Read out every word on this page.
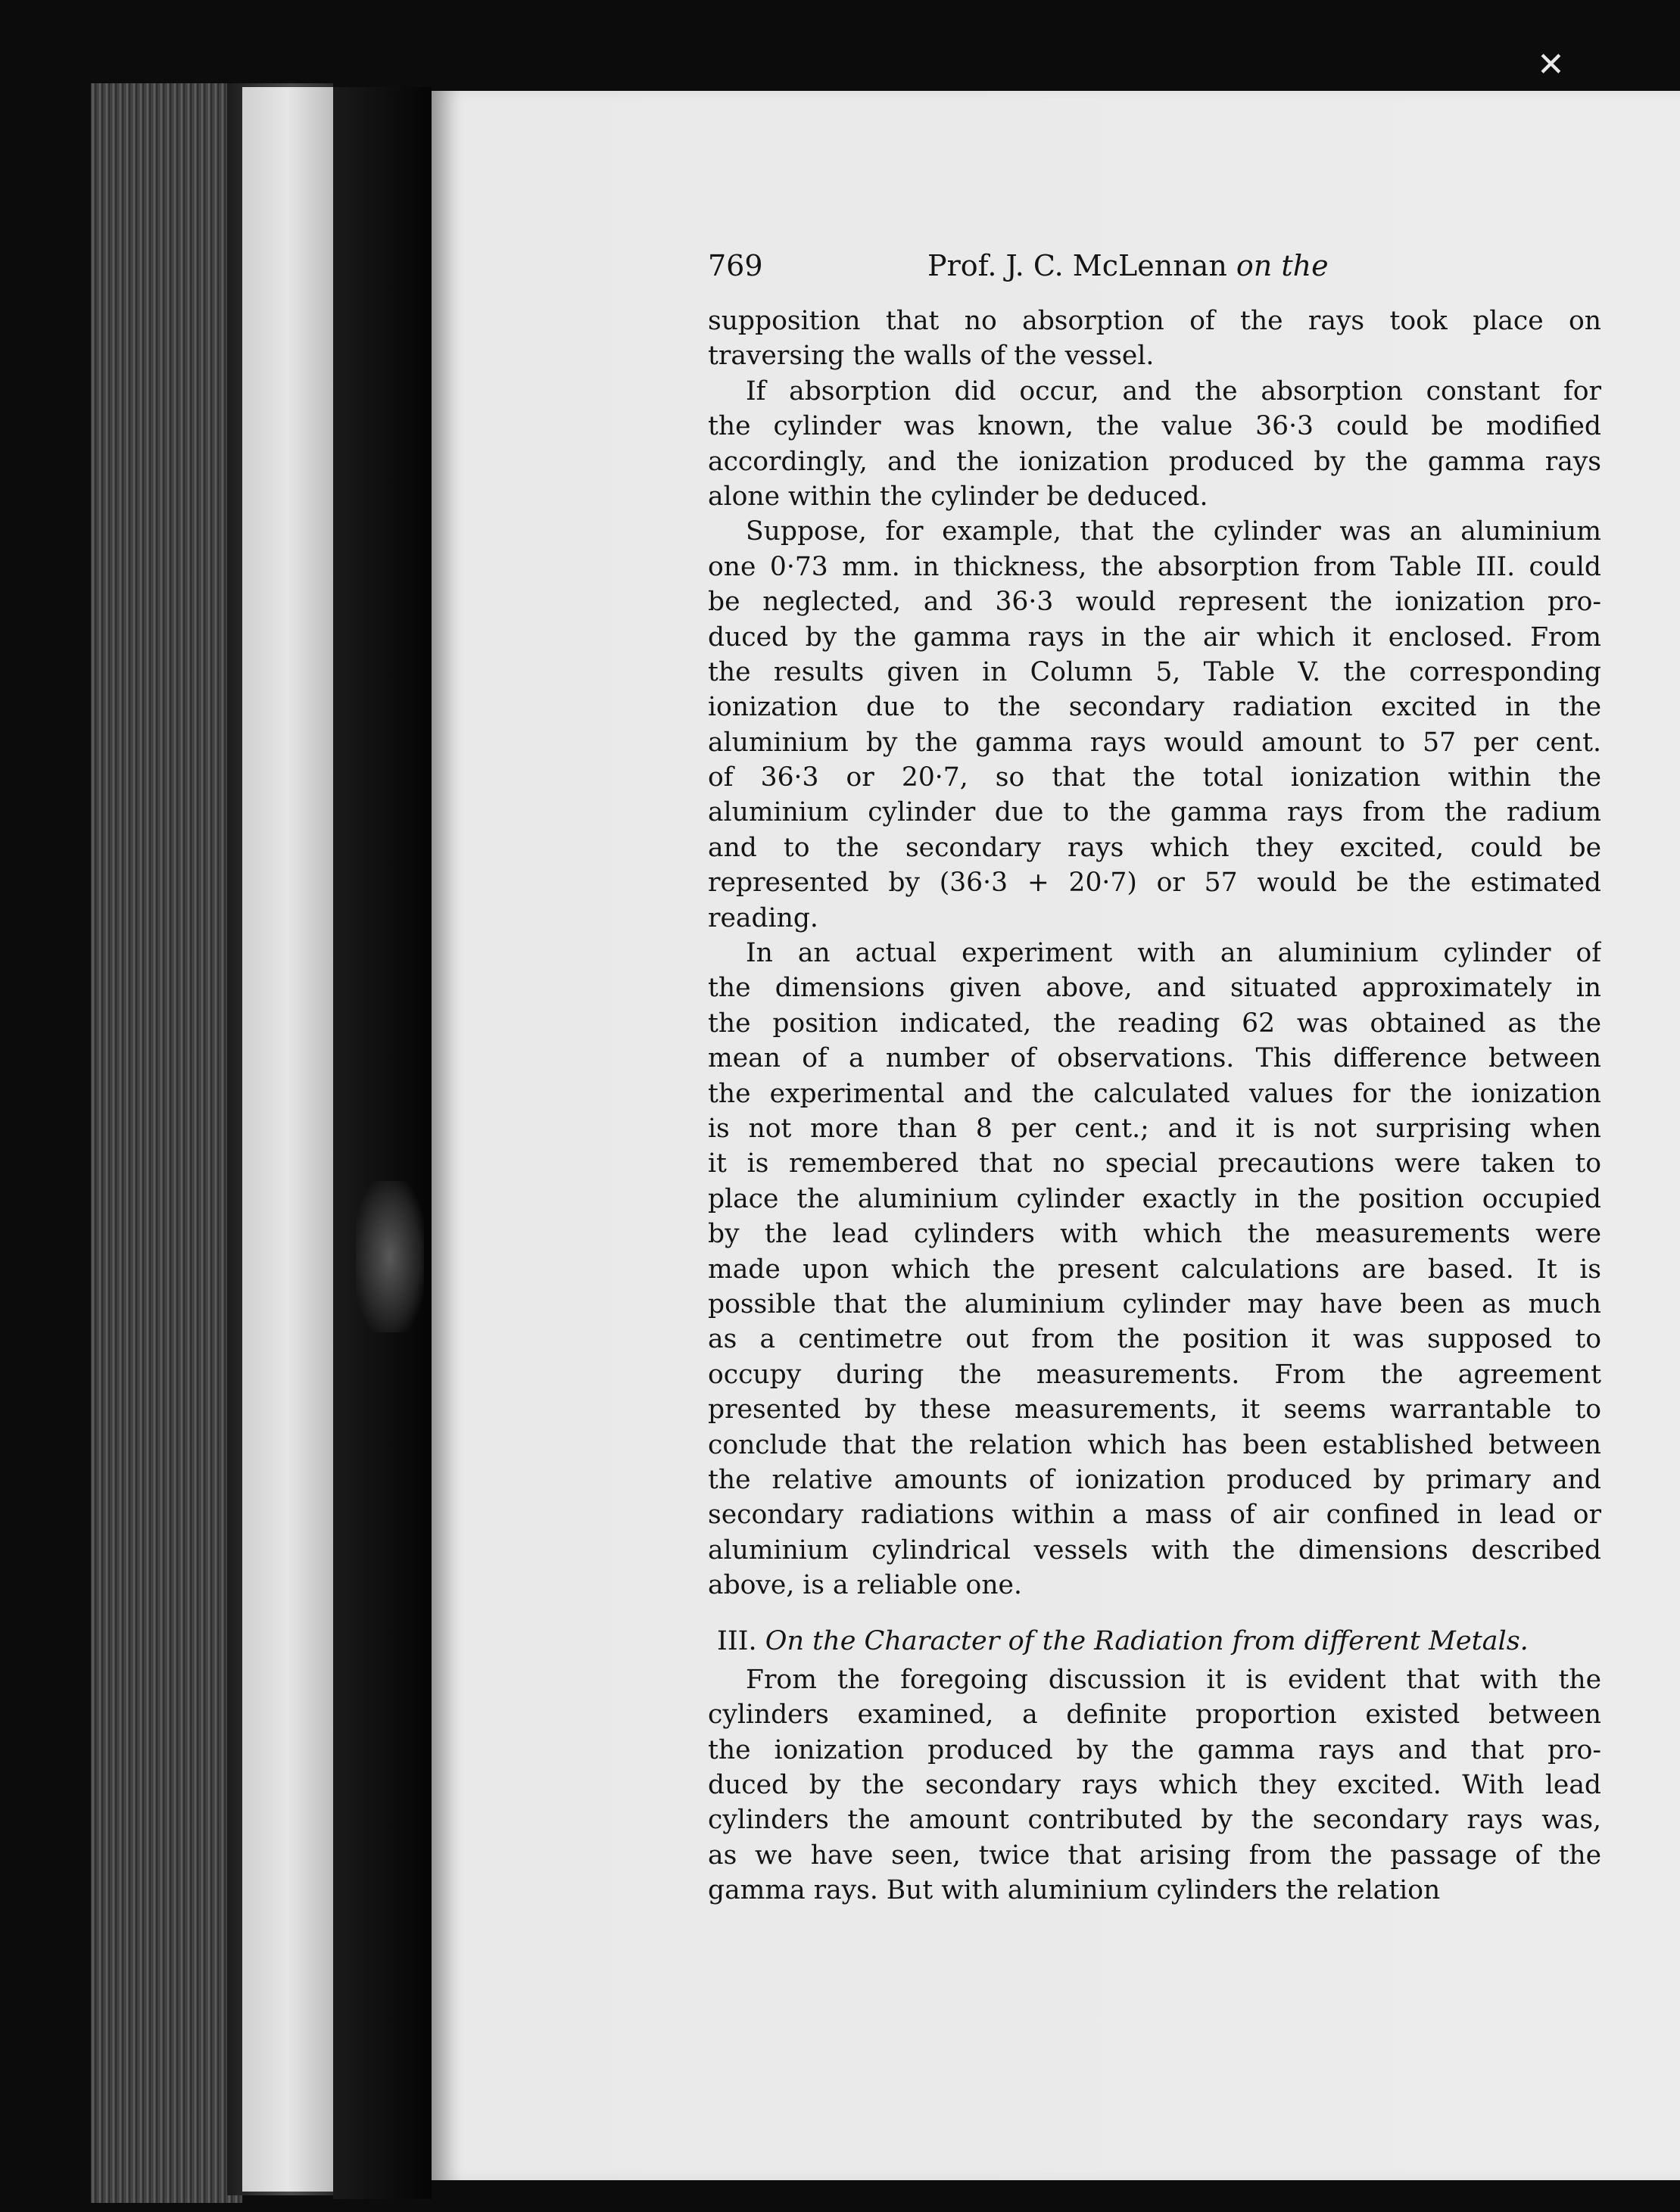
✕
769	Prof. J. C. McLennan on the
supposition that no absorption of the rays took place on
traversing the walls of the vessel.
If absorption did occur, and the absorption constant for
the cylinder was known, the value 36·3 could be modified
accordingly, and the ionization produced by the gamma rays
alone within the cylinder be deduced.
Suppose, for example, that the cylinder was an aluminium
one 0·73 mm. in thickness, the absorption from Table III. could
be neglected, and 36·3 would represent the ionization pro-
duced by the gamma rays in the air which it enclosed. From
the results given in Column 5, Table V. the corresponding
ionization due to the secondary radiation excited in the
aluminium by the gamma rays would amount to 57 per cent.
of 36·3 or 20·7, so that the total ionization within the
aluminium cylinder due to the gamma rays from the radium
and to the secondary rays which they excited, could be
represented by (36·3 + 20·7) or 57 would be the estimated
reading.
In an actual experiment with an aluminium cylinder of
the dimensions given above, and situated approximately in
the position indicated, the reading 62 was obtained as the
mean of a number of observations. This difference between
the experimental and the calculated values for the ionization
is not more than 8 per cent.; and it is not surprising when
it is remembered that no special precautions were taken to
place the aluminium cylinder exactly in the position occupied
by the lead cylinders with which the measurements were
made upon which the present calculations are based. It is
possible that the aluminium cylinder may have been as much
as a centimetre out from the position it was supposed to
occupy during the measurements. From the agreement
presented by these measurements, it seems warrantable to
conclude that the relation which has been established between
the relative amounts of ionization produced by primary and
secondary radiations within a mass of air confined in lead or
aluminium cylindrical vessels with the dimensions described
above, is a reliable one.
III. On the Character of the Radiation from different Metals.
From the foregoing discussion it is evident that with the
cylinders examined, a definite proportion existed between
the ionization produced by the gamma rays and that pro-
duced by the secondary rays which they excited. With lead
cylinders the amount contributed by the secondary rays was,
as we have seen, twice that arising from the passage of the
gamma rays. But with aluminium cylinders the relation
